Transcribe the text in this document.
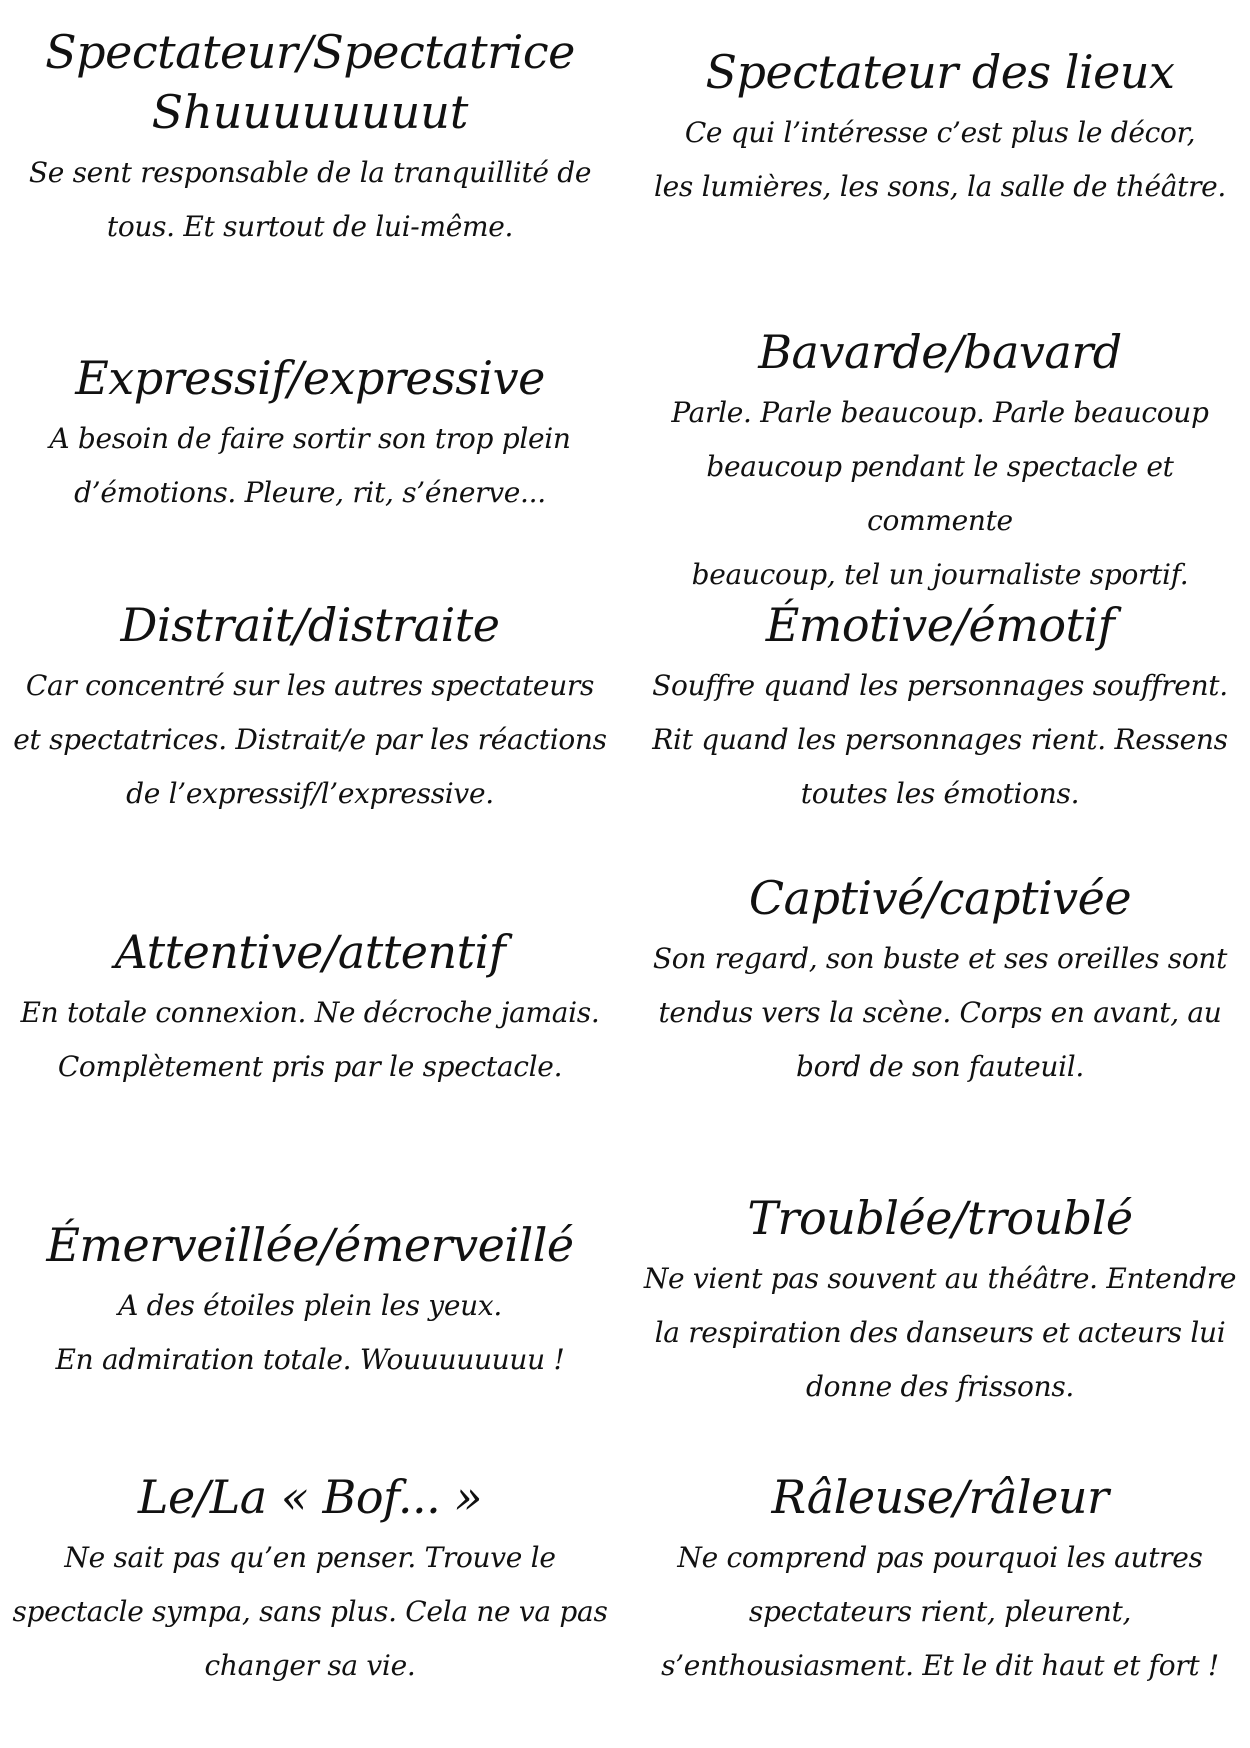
Spectateur/Spectatrice
Shuuuuuuuut

Se sent responsable de la tranquillité de
tous. Et surtout de lui-même.

Spectateur des lieux

Ce qui l’intéresse c’est plus le décor,
les lumières, les sons, la salle de théâtre.

Expressif/expressive

A besoin de faire sortir son trop plein
d’émotions. Pleure, rit, s’énerve...

Bavarde/bavard

Parle. Parle beaucoup. Parle beaucoup
beaucoup pendant le spectacle et commente
beaucoup, tel un journaliste sportif.

Distrait/distraite

Car concentré sur les autres spectateurs
et spectatrices. Distrait/e par les réactions
de l’expressif/l’expressive.

Émotive/émotif

Souffre quand les personnages souffrent.
Rit quand les personnages rient. Ressens
toutes les émotions.

Attentive/attentif

En totale connexion. Ne décroche jamais.
Complètement pris par le spectacle.

Captivé/captivée

Son regard, son buste et ses oreilles sont
tendus vers la scène. Corps en avant, au
bord de son fauteuil.

Émerveillée/émerveillé

A des étoiles plein les yeux.
En admiration totale. Wouuuuuuuu !

Troublée/troublé

Ne vient pas souvent au théâtre. Entendre
la respiration des danseurs et acteurs lui
donne des frissons.

Le/La « Bof... »

Ne sait pas qu’en penser. Trouve le
spectacle sympa, sans plus. Cela ne va pas
changer sa vie.

Râleuse/râleur

Ne comprend pas pourquoi les autres
spectateurs rient, pleurent,
s’enthousiasment. Et le dit haut et fort !
